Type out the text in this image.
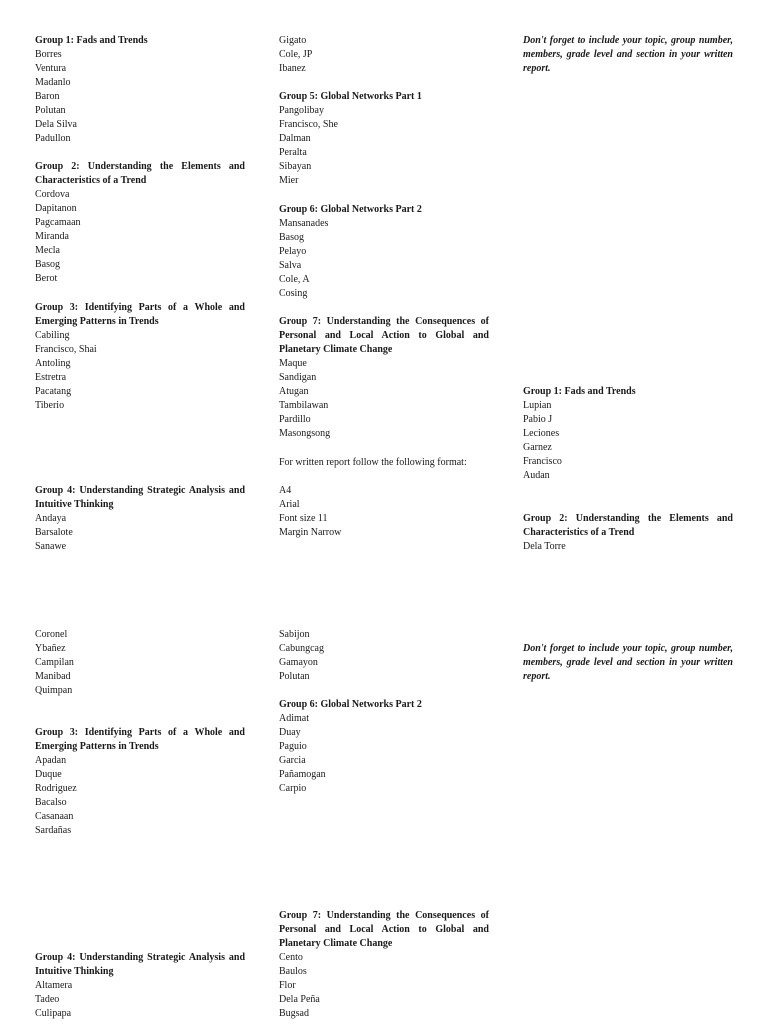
Group 1: Fads and Trends
Borres
Ventura
Madanlo
Baron
Polutan
Dela Silva
Padullon
Group 2: Understanding the Elements and Characteristics of a Trend
Cordova
Dapitanon
Pagcamaan
Miranda
Mecla
Basog
Berot
Group 3: Identifying Parts of a Whole and Emerging Patterns in Trends
Cabiling
Francisco, Shai
Antoling
Estretra
Pacatang
Tiberio
Group 4: Understanding Strategic Analysis and Intuitive Thinking
Andaya
Barsalote
Sanawe
Gigato
Cole, JP
Ibanez
Group 5: Global Networks Part 1
Pangolibay
Francisco, She
Dalman
Peralta
Sibayan
Mier
Group 6: Global Networks Part 2
Mansanades
Basog
Pelayo
Salva
Cole, A
Cosing
Group 7: Understanding the Consequences of Personal and Local Action to Global and Planetary Climate Change
Maque
Sandigan
Atugan
Tambilawan
Pardillo
Masongsong
For written report follow the following format:
A4
Arial
Font size 11
Margin Narrow
Don't forget to include your topic, group number, members, grade level and section in your written report.
Group 1: Fads and Trends
Lupian
Pabio J
Leciones
Garnez
Francisco
Audan
Group 2: Understanding the Elements and Characteristics of a Trend
Dela Torre
Coronel
Ybañez
Campilan
Manibad
Quimpan
Group 3: Identifying Parts of a Whole and Emerging Patterns in Trends
Apadan
Duque
Rodriguez
Bacalso
Casanaan
Sardañas
Group 4: Understanding Strategic Analysis and Intuitive Thinking
Altamera
Tadeo
Culipapa
Sabijon
Cabungcag
Gamayon
Polutan
Group 6: Global Networks Part 2
Adimat
Duay
Paguio
Garcia
Pañamogan
Carpio
Group 7: Understanding the Consequences of Personal and Local Action to Global and Planetary Climate Change
Cento
Baulos
Flor
Dela Peña
Bugsad
Don't forget to include your topic, group number, members, grade level and section in your written report.
